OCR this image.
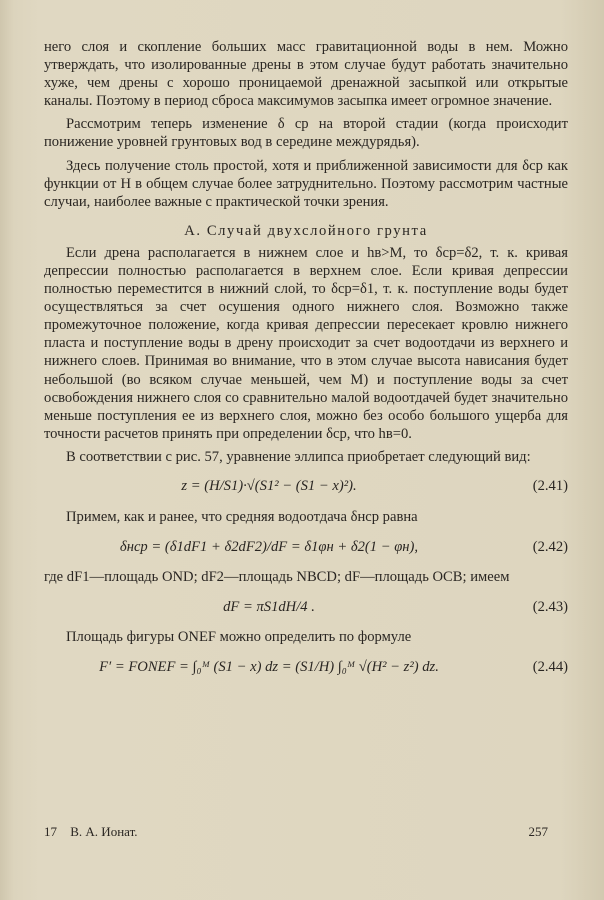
него слоя и скопление больших масс гравитационной воды в нем. Можно утверждать, что изолированные дрены в этом случае будут работать значительно хуже, чем дрены с хорошо проницаемой дренажной засыпкой или открытые каналы. Поэтому в период сброса максимумов засыпка имеет огромное значение.

Рассмотрим теперь изменение δ ср на второй стадии (когда происходит понижение уровней грунтовых вод в середине междурядья).

Здесь получение столь простой, хотя и приближенной зависимости для δср как функции от H в общем случае более затруднительно. Поэтому рассмотрим частные случаи, наиболее важные с практической точки зрения.

А. Случай двухслойного грунта

Если дрена располагается в нижнем слое и hв>M, то δср=δ2, т. к. кривая депрессии полностью располагается в верхнем слое. Если кривая депрессии полностью переместится в нижний слой, то δср=δ1, т. к. поступление воды будет осуществляться за счет осушения одного нижнего слоя. Возможно также промежуточное положение, когда кривая депрессии пересекает кровлю нижнего пласта и поступление воды в дрену происходит за счет водоотдачи из верхнего и нижнего слоев. Принимая во внимание, что в этом случае высота нависания будет небольшой (во всяком случае меньшей, чем M) и поступление воды за счет освобождения нижнего слоя со сравнительно малой водоотдачей будет значительно меньше поступления ее из верхнего слоя, можно без особо большого ущерба для точности расчетов принять при определении δср, что hв=0.

В соответствии с рис. 57, уравнение эллипса приобретает следующий вид:

z = (H/S1)·√(S1² − (S1 − x)²).	(2.41)

Примем, как и ранее, что средняя водоотдача δнср равна

δнср = (δ1dF1 + δ2dF2)/dF = δ1φн + δ2(1 − φн),	(2.42)

где dF1—площадь OND; dF2—площадь NBCD; dF—площадь OCB; имеем

dF = πS1dH/4 .	(2.43)

Площадь фигуры ONEF можно определить по формуле

F′ = FONEF = ∫₀ᴹ (S1 − x) dz = (S1/H) ∫₀ᴹ √(H² − z²) dz.	(2.44)
17 В. А. Ионат.	257
